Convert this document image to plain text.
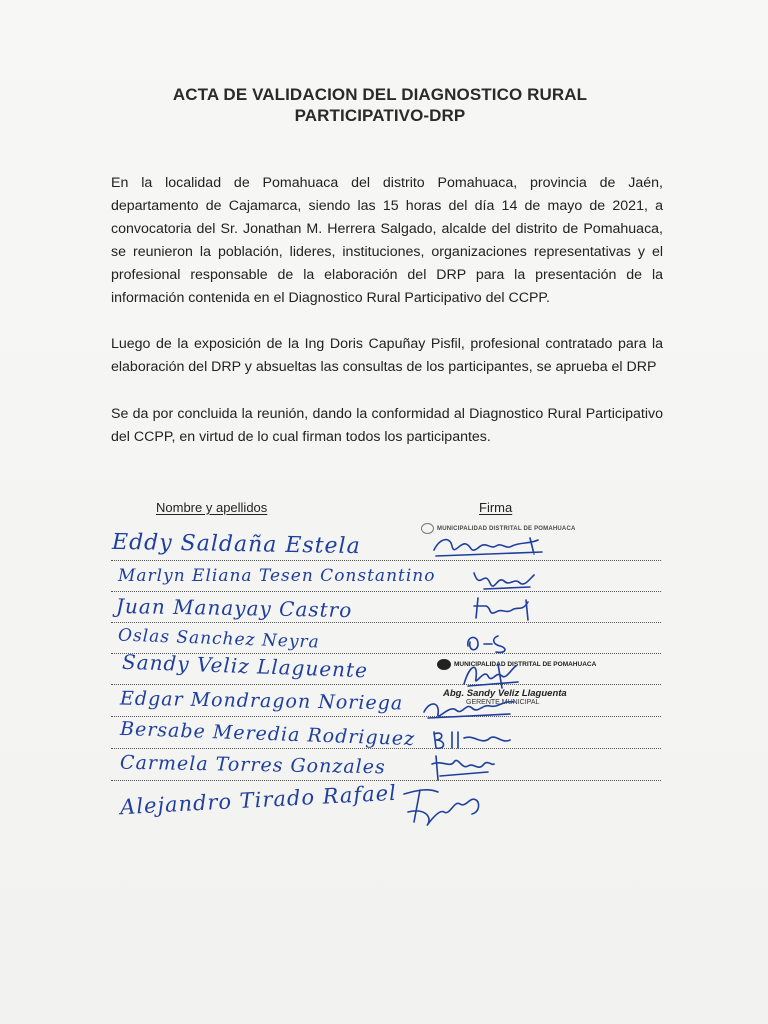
ACTA DE VALIDACION DEL DIAGNOSTICO RURAL
PARTICIPATIVO-DRP
En la localidad de Pomahuaca del distrito Pomahuaca, provincia de Jaén, departamento de Cajamarca, siendo las 15 horas del día 14 de mayo de 2021, a convocatoria del Sr. Jonathan M. Herrera Salgado, alcalde del distrito de Pomahuaca, se reunieron la población, lideres, instituciones, organizaciones representativas y el profesional responsable de la elaboración del DRP para la presentación de la información contenida en el Diagnostico Rural Participativo del CCPP.
Luego de la exposición de la Ing Doris Capuñay Pisfil, profesional contratado para la elaboración del DRP y absueltas las consultas de los participantes, se aprueba el DRP
Se da por concluida la reunión, dando la conformidad al Diagnostico Rural Participativo del CCPP, en virtud de lo cual firman todos los participantes.
Nombre y apellidos	Firma
Eddy Saldaña Estela
Marlyn Eliana Tesen Constantino
Juan Manayay Castro
Oslas Sanchez Neyra
Sandy Veliz Llaguente
Edgar Mondragon Noriega
Bersabe Meredia Rodriguez
Carmela Torres Gonzales
Alejandro Tirado Rafael
MUNICIPALIDAD DISTRITAL DE POMAHUACA
MUNICIPALIDAD DISTRITAL DE POMAHUACA
Abg. Sandy Veliz Llaguenta
GERENTE MUNICIPAL
